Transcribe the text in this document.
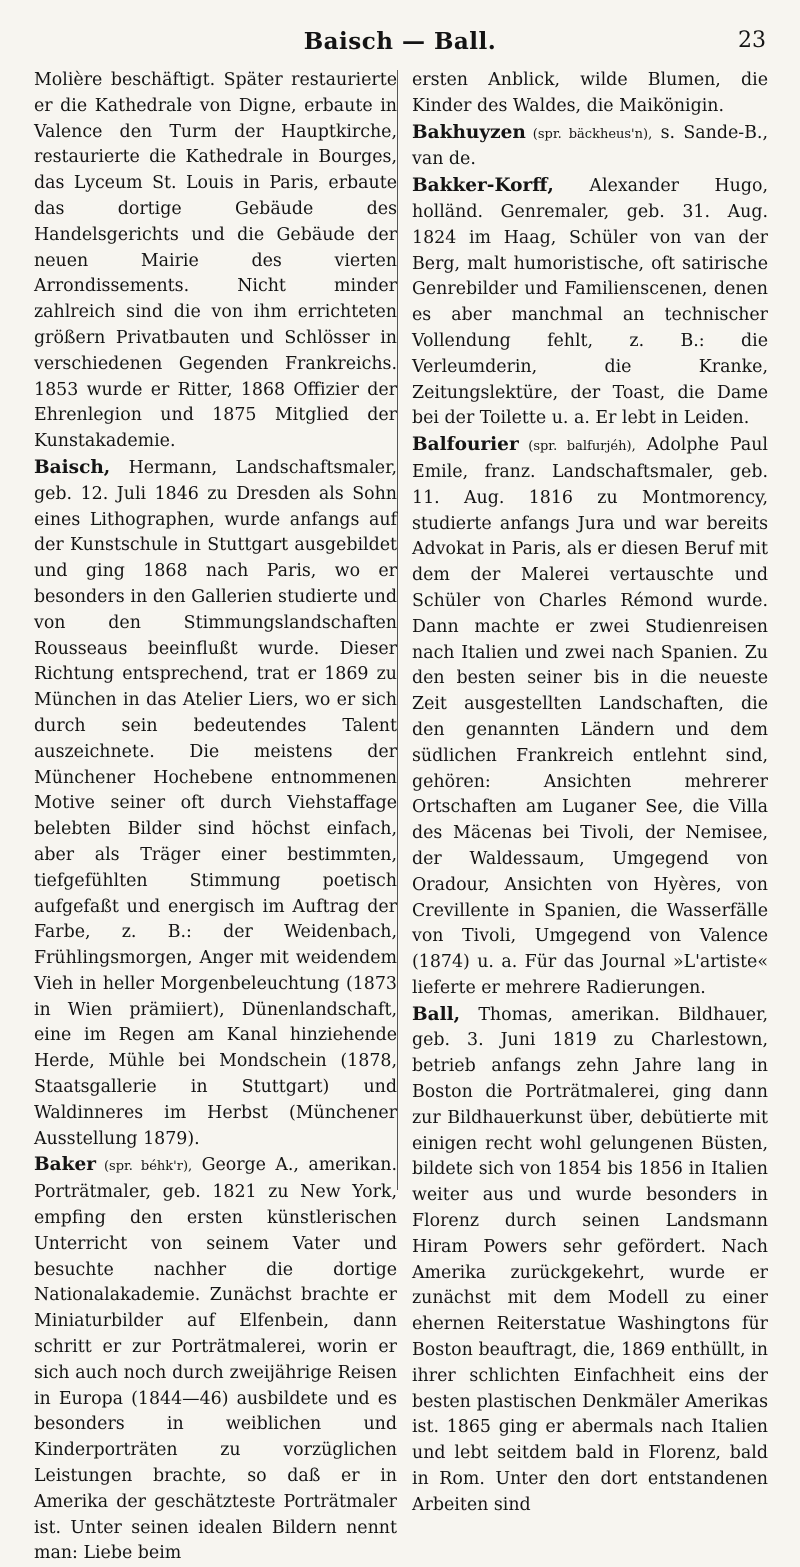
Baisch — Ball.	23

Molière beschäftigt. Später restaurierte er die Kathedrale von Digne, erbaute in Valence den Turm der Hauptkirche, restaurierte die Kathedrale in Bourges, das Lyceum St. Louis in Paris, erbaute das dortige Gebäude des Handelsgerichts und die Gebäude der neuen Mairie des vierten Arrondissements. Nicht minder zahlreich sind die von ihm errichteten größern Privatbauten und Schlösser in verschiedenen Gegenden Frankreichs. 1853 wurde er Ritter, 1868 Offizier der Ehrenlegion und 1875 Mitglied der Kunstakademie.

Baisch, Hermann, Landschaftsmaler, geb. 12. Juli 1846 zu Dresden als Sohn eines Lithographen, wurde anfangs auf der Kunstschule in Stuttgart ausgebildet und ging 1868 nach Paris, wo er besonders in den Gallerien studierte und von den Stimmungslandschaften Rousseaus beeinflußt wurde. Dieser Richtung entsprechend, trat er 1869 zu München in das Atelier Liers, wo er sich durch sein bedeutendes Talent auszeichnete. Die meistens der Münchener Hochebene entnommenen Motive seiner oft durch Viehstaffage belebten Bilder sind höchst einfach, aber als Träger einer bestimmten, tiefgefühlten Stimmung poetisch aufgefaßt und energisch im Auftrag der Farbe, z. B.: der Weidenbach, Frühlingsmorgen, Anger mit weidendem Vieh in heller Morgenbeleuchtung (1873 in Wien prämiiert), Dünenlandschaft, eine im Regen am Kanal hinziehende Herde, Mühle bei Mondschein (1878, Staatsgallerie in Stuttgart) und Waldinneres im Herbst (Münchener Ausstellung 1879).

Baker (spr. béhk'r), George A., amerikan. Porträtmaler, geb. 1821 zu New York, empfing den ersten künstlerischen Unterricht von seinem Vater und besuchte nachher die dortige Nationalakademie. Zunächst brachte er Miniaturbilder auf Elfenbein, dann schritt er zur Porträtmalerei, worin er sich auch noch durch zweijährige Reisen in Europa (1844—46) ausbildete und es besonders in weiblichen und Kinderporträten zu vorzüglichen Leistungen brachte, so daß er in Amerika der geschätzteste Porträtmaler ist. Unter seinen idealen Bildern nennt man: Liebe beim

ersten Anblick, wilde Blumen, die Kinder des Waldes, die Maikönigin.

Bakhuyzen (spr. bäckheus'n), s. Sande-B., van de.

Bakker-Korff, Alexander Hugo, holländ. Genremaler, geb. 31. Aug. 1824 im Haag, Schüler von van der Berg, malt humoristische, oft satirische Genrebilder und Familienscenen, denen es aber manchmal an technischer Vollendung fehlt, z. B.: die Verleumderin, die Kranke, Zeitungslektüre, der Toast, die Dame bei der Toilette u. a. Er lebt in Leiden.

Balfourier (spr. balfurjéh), Adolphe Paul Emile, franz. Landschaftsmaler, geb. 11. Aug. 1816 zu Montmorency, studierte anfangs Jura und war bereits Advokat in Paris, als er diesen Beruf mit dem der Malerei vertauschte und Schüler von Charles Rémond wurde. Dann machte er zwei Studienreisen nach Italien und zwei nach Spanien. Zu den besten seiner bis in die neueste Zeit ausgestellten Landschaften, die den genannten Ländern und dem südlichen Frankreich entlehnt sind, gehören: Ansichten mehrerer Ortschaften am Luganer See, die Villa des Mäcenas bei Tivoli, der Nemisee, der Waldessaum, Umgegend von Oradour, Ansichten von Hyères, von Crevillente in Spanien, die Wasserfälle von Tivoli, Umgegend von Valence (1874) u. a. Für das Journal »L'artiste« lieferte er mehrere Radierungen.

Ball, Thomas, amerikan. Bildhauer, geb. 3. Juni 1819 zu Charlestown, betrieb anfangs zehn Jahre lang in Boston die Porträtmalerei, ging dann zur Bildhauerkunst über, debütierte mit einigen recht wohl gelungenen Büsten, bildete sich von 1854 bis 1856 in Italien weiter aus und wurde besonders in Florenz durch seinen Landsmann Hiram Powers sehr gefördert. Nach Amerika zurückgekehrt, wurde er zunächst mit dem Modell zu einer ehernen Reiterstatue Washingtons für Boston beauftragt, die, 1869 enthüllt, in ihrer schlichten Einfachheit eins der besten plastischen Denkmäler Amerikas ist. 1865 ging er abermals nach Italien und lebt seitdem bald in Florenz, bald in Rom. Unter den dort entstandenen Arbeiten sind
